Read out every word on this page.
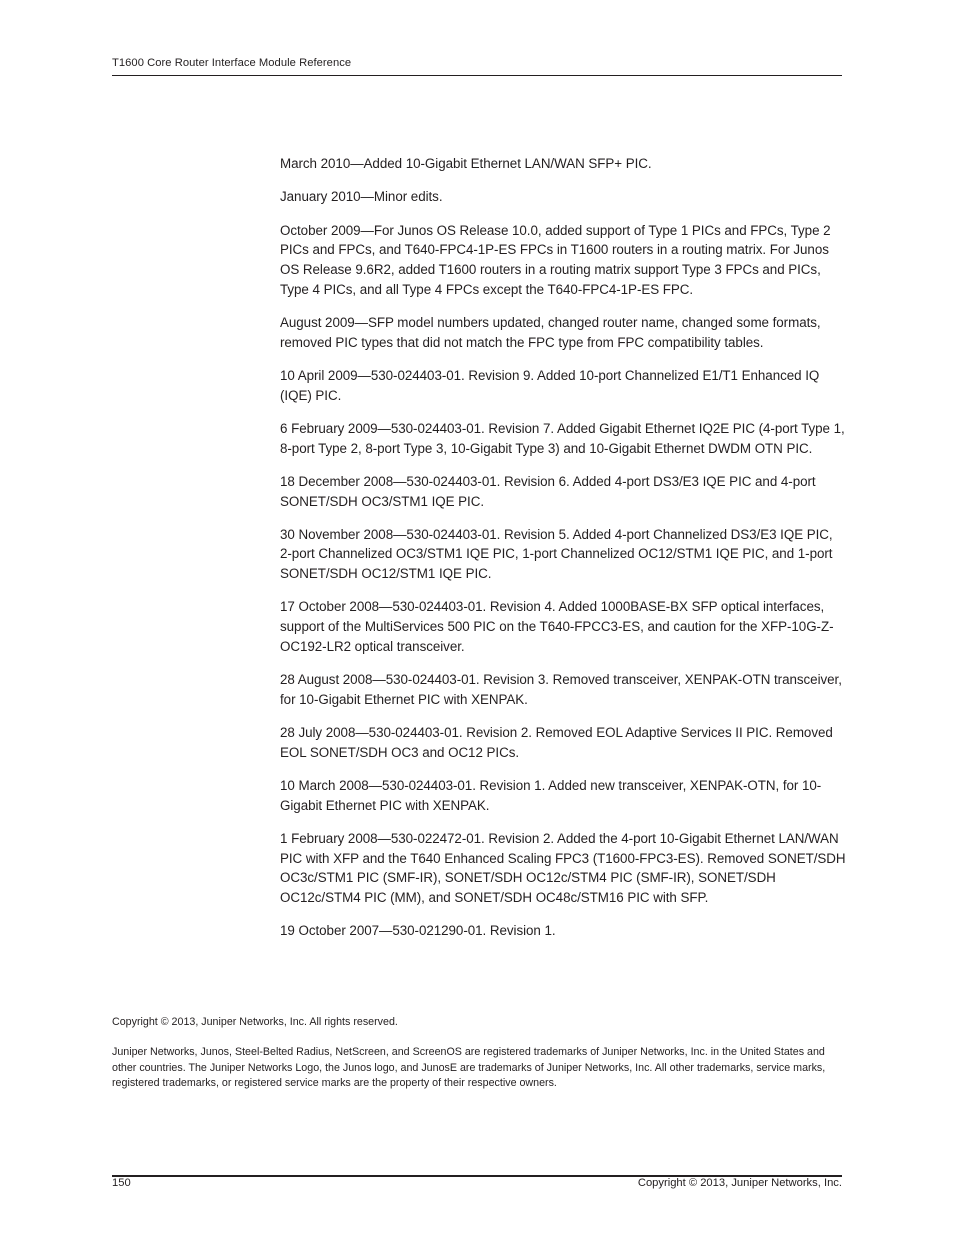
T1600 Core Router Interface Module Reference
March 2010—Added 10-Gigabit Ethernet LAN/WAN SFP+ PIC.
January 2010—Minor edits.
October 2009—For Junos OS Release 10.0, added support of Type 1 PICs and FPCs, Type 2 PICs and FPCs, and T640-FPC4-1P-ES FPCs in T1600 routers in a routing matrix. For Junos OS Release 9.6R2, added T1600 routers in a routing matrix support Type 3 FPCs and PICs, Type 4 PICs, and all Type 4 FPCs except the T640-FPC4-1P-ES FPC.
August 2009—SFP model numbers updated, changed router name, changed some formats, removed PIC types that did not match the FPC type from FPC compatibility tables.
10 April 2009—530-024403-01. Revision 9. Added 10-port Channelized E1/T1 Enhanced IQ (IQE) PIC.
6 February 2009—530-024403-01. Revision 7. Added Gigabit Ethernet IQ2E PIC (4-port Type 1, 8-port Type 2, 8-port Type 3, 10-Gigabit Type 3) and 10-Gigabit Ethernet DWDM OTN PIC.
18 December 2008—530-024403-01. Revision 6. Added 4-port DS3/E3 IQE PIC and 4-port SONET/SDH OC3/STM1 IQE PIC.
30 November 2008—530-024403-01. Revision 5. Added 4-port Channelized DS3/E3 IQE PIC, 2-port Channelized OC3/STM1 IQE PIC, 1-port Channelized OC12/STM1 IQE PIC, and 1-port SONET/SDH OC12/STM1 IQE PIC.
17 October 2008—530-024403-01. Revision 4. Added 1000BASE-BX SFP optical interfaces, support of the MultiServices 500 PIC on the T640-FPCC3-ES, and caution for the XFP-10G-Z-OC192-LR2 optical transceiver.
28 August 2008—530-024403-01. Revision 3. Removed transceiver, XENPAK-OTN transceiver, for 10-Gigabit Ethernet PIC with XENPAK.
28 July 2008—530-024403-01. Revision 2. Removed EOL Adaptive Services II PIC. Removed EOL SONET/SDH OC3 and OC12 PICs.
10 March 2008—530-024403-01. Revision 1. Added new transceiver, XENPAK-OTN, for 10-Gigabit Ethernet PIC with XENPAK.
1 February 2008—530-022472-01. Revision 2. Added the 4-port 10-Gigabit Ethernet LAN/WAN PIC with XFP and the T640 Enhanced Scaling FPC3 (T1600-FPC3-ES). Removed SONET/SDH OC3c/STM1 PIC (SMF-IR), SONET/SDH OC12c/STM4 PIC (SMF-IR), SONET/SDH OC12c/STM4 PIC (MM), and SONET/SDH OC48c/STM16 PIC with SFP.
19 October 2007—530-021290-01. Revision 1.

Copyright © 2013, Juniper Networks, Inc. All rights reserved.

Juniper Networks, Junos, Steel-Belted Radius, NetScreen, and ScreenOS are registered trademarks of Juniper Networks, Inc. in the United States and other countries. The Juniper Networks Logo, the Junos logo, and JunosE are trademarks of Juniper Networks, Inc. All other trademarks, service marks, registered trademarks, or registered service marks are the property of their respective owners.

150	Copyright © 2013, Juniper Networks, Inc.
